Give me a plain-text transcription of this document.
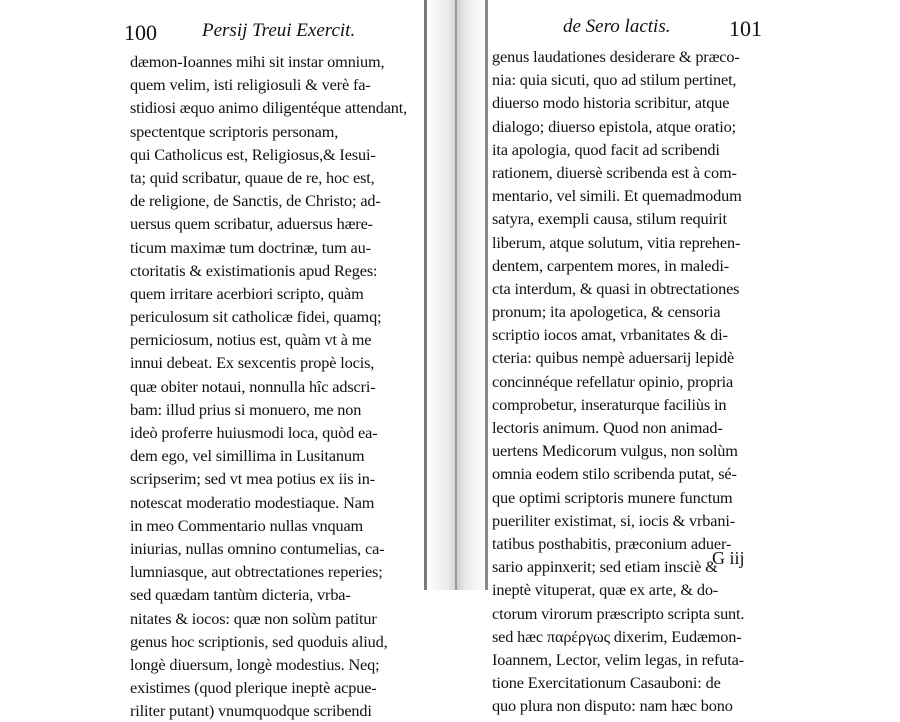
100 Persij Treui Exercit.
dæmon-Ioannes mihi sit instar omnium,
quem velim, isti religiosuli & verè fa-
stidiosi æquo animo diligentéque attendant,
spectentque scriptoris personam,
qui Catholicus est, Religiosus,& Iesui-
ta; quid scribatur, quaue de re, hoc est,
de religione, de Sanctis, de Christo; ad-
uersus quem scribatur, aduersus hære-
ticum maximæ tum doctrinæ, tum au-
ctoritatis & existimationis apud Reges:
quem irritare acerbiori scripto, quàm
periculosum sit catholicæ fidei, quamq;
perniciosum, notius est, quàm vt à me
innui debeat. Ex sexcentis propè locis,
quæ obiter notaui, nonnulla hîc adscri-
bam: illud prius si monuero, me non
ideò proferre huiusmodi loca, quòd ea-
dem ego, vel simillima in Lusitanum
scripserim; sed vt mea potius ex iis in-
notescat moderatio modestiaque. Nam
in meo Commentario nullas vnquam
iniurias, nullas omnino contumelias, ca-
lumniasque, aut obtrectationes reperies;
sed quædam tantùm dicteria, vrba-
nitates & iocos: quæ non solùm patitur
genus hoc scriptionis, sed quoduis aliud,
longè diuersum, longè modestius. Neq;
existimes (quod plerique ineptè acpue-
riliter putant) vnumquodque scribendi
de Sero lactis.	101
genus laudationes desiderare & præco-
nia: quia sicuti, quo ad stilum pertinet,
diuerso modo historia scribitur, atque
dialogo; diuerso epistola, atque oratio;
ita apologia, quod facit ad scribendi
rationem, diuersè scribenda est à com-
mentario, vel simili. Et quemadmodum
satyra, exempli causa, stilum requirit
liberum, atque solutum, vitia reprehen-
dentem, carpentem mores, in maledi-
cta interdum, & quasi in obtrectationes
pronum; ita apologetica, & censoria
scriptio iocos amat, vrbanitates & di-
cteria: quibus nempè aduersarij lepidè
concinnéque refellatur opinio, propria
comprobetur, inseraturque faciliùs in
lectoris animum. Quod non animad-
uertens Medicorum vulgus, non solùm
omnia eodem stilo scribenda putat, sé-
que optimi scriptoris munere functum
pueriliter existimat, si, iocis & vrbani-
tatibus posthabitis, præconium aduer-
sario appinxerit; sed etiam insciè &
ineptè vituperat, quæ ex arte, & do-
ctorum virorum præscripto scripta sunt.
sed hæc παρέργως dixerim, Eudæmon-
Ioannem, Lector, velim legas, in refuta-
tione Exercitationum Casauboni: de
quo plura non disputo: nam hæc bono
G iij
